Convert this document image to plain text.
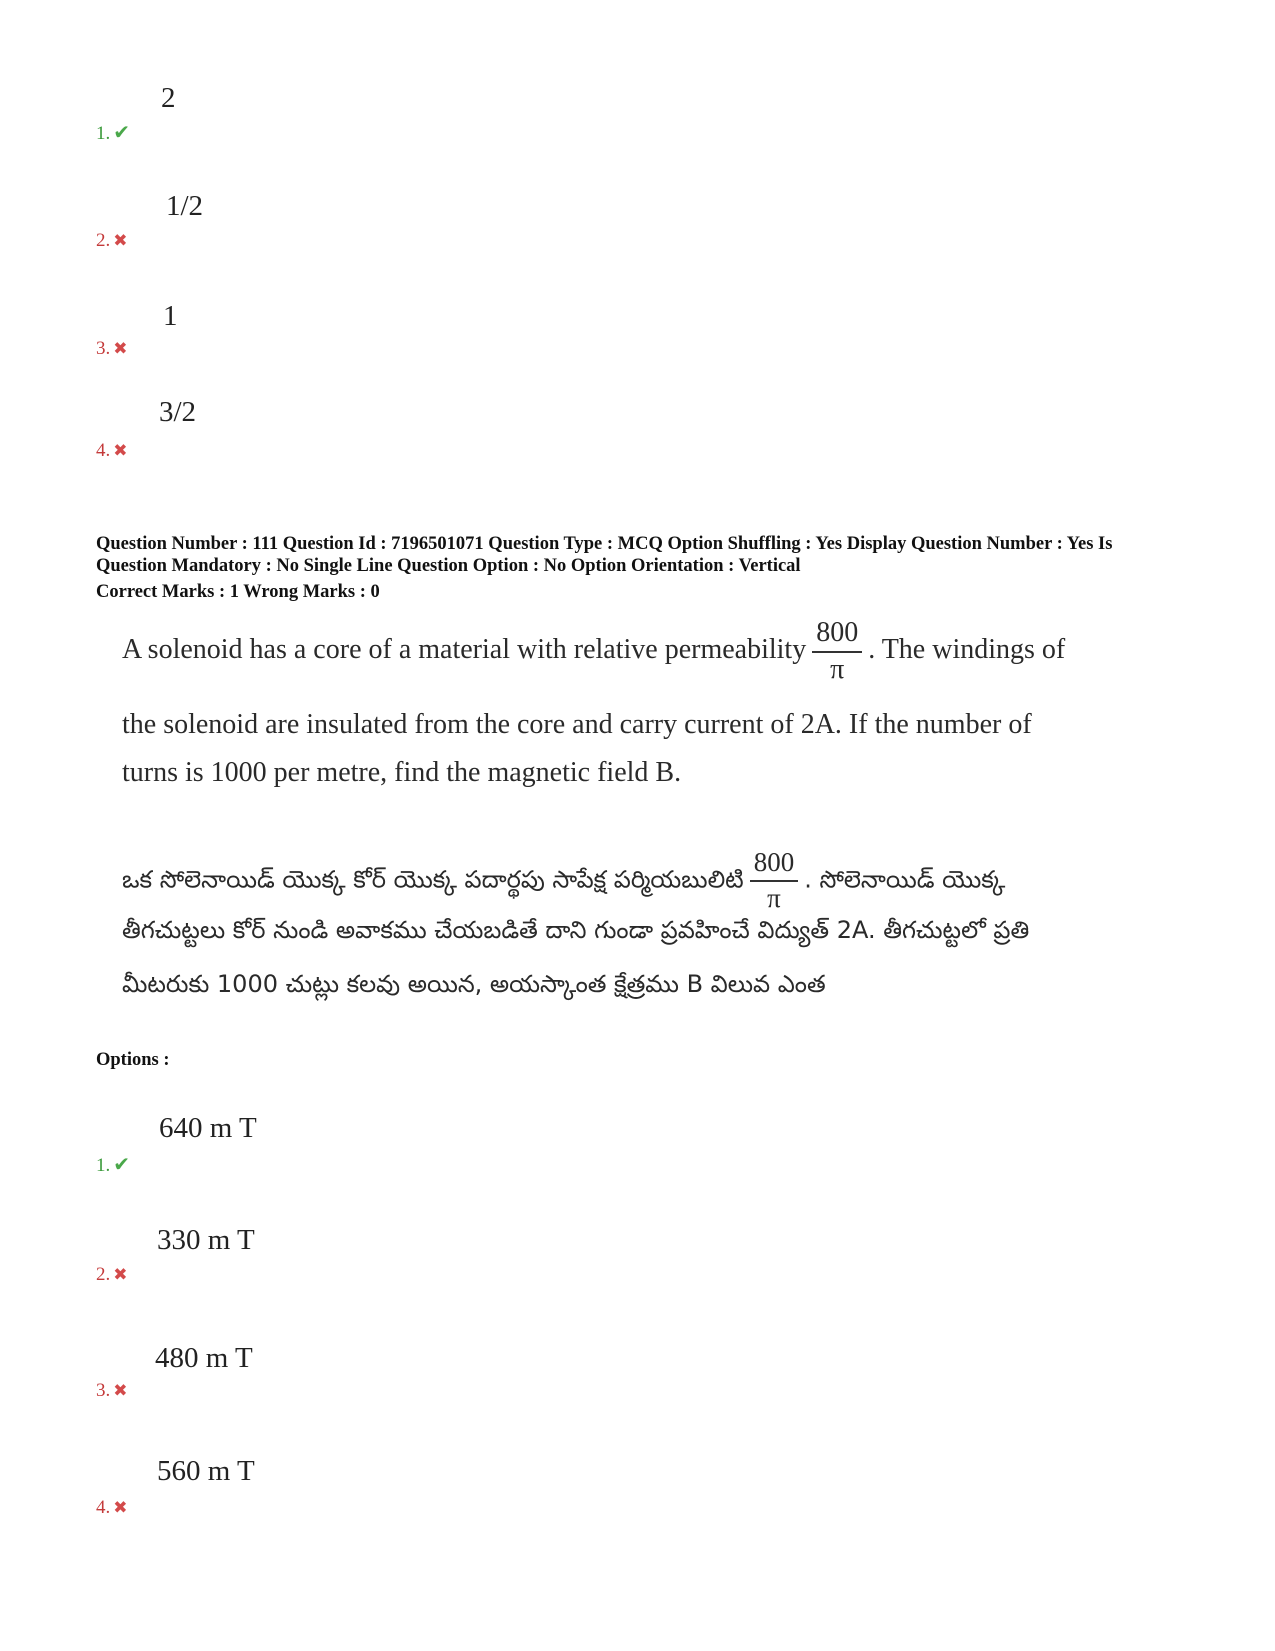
2
1. ✔
1/2
2. ✖
1
3. ✖
3/2
4. ✖
Question Number : 111 Question Id : 7196501071 Question Type : MCQ Option Shuffling : Yes Display Question Number : Yes Is
Question Mandatory : No Single Line Question Option : No Option Orientation : Vertical
Correct Marks : 1 Wrong Marks : 0
A solenoid has a core of a material with relative permeability $\frac{800}{\pi}$ . The windings of
the solenoid are insulated from the core and carry current of 2A. If the number of
turns is 1000 per metre, find the magnetic field B.
ఒక సోలెనాయిడ్ యొక్క కోర్ యొక్క పదార్థపు సాపేక్ష పర్మియబులిటి $\frac{800}{\pi}$ . సోలెనాయిడ్ యొక్క
తీగచుట్టలు కోర్ నుండి అవాకము చేయబడితే దాని గుండా ప్రవహించే విద్యుత్ 2A. తీగచుట్టలో ప్రతి
మీటరుకు 1000 చుట్లు కలవు అయిన, అయస్కాంత క్షేత్రము B విలువ ఎంత
Options :
640 m T
1. ✔
330 m T
2. ✖
480 m T
3. ✖
560 m T
4. ✖
